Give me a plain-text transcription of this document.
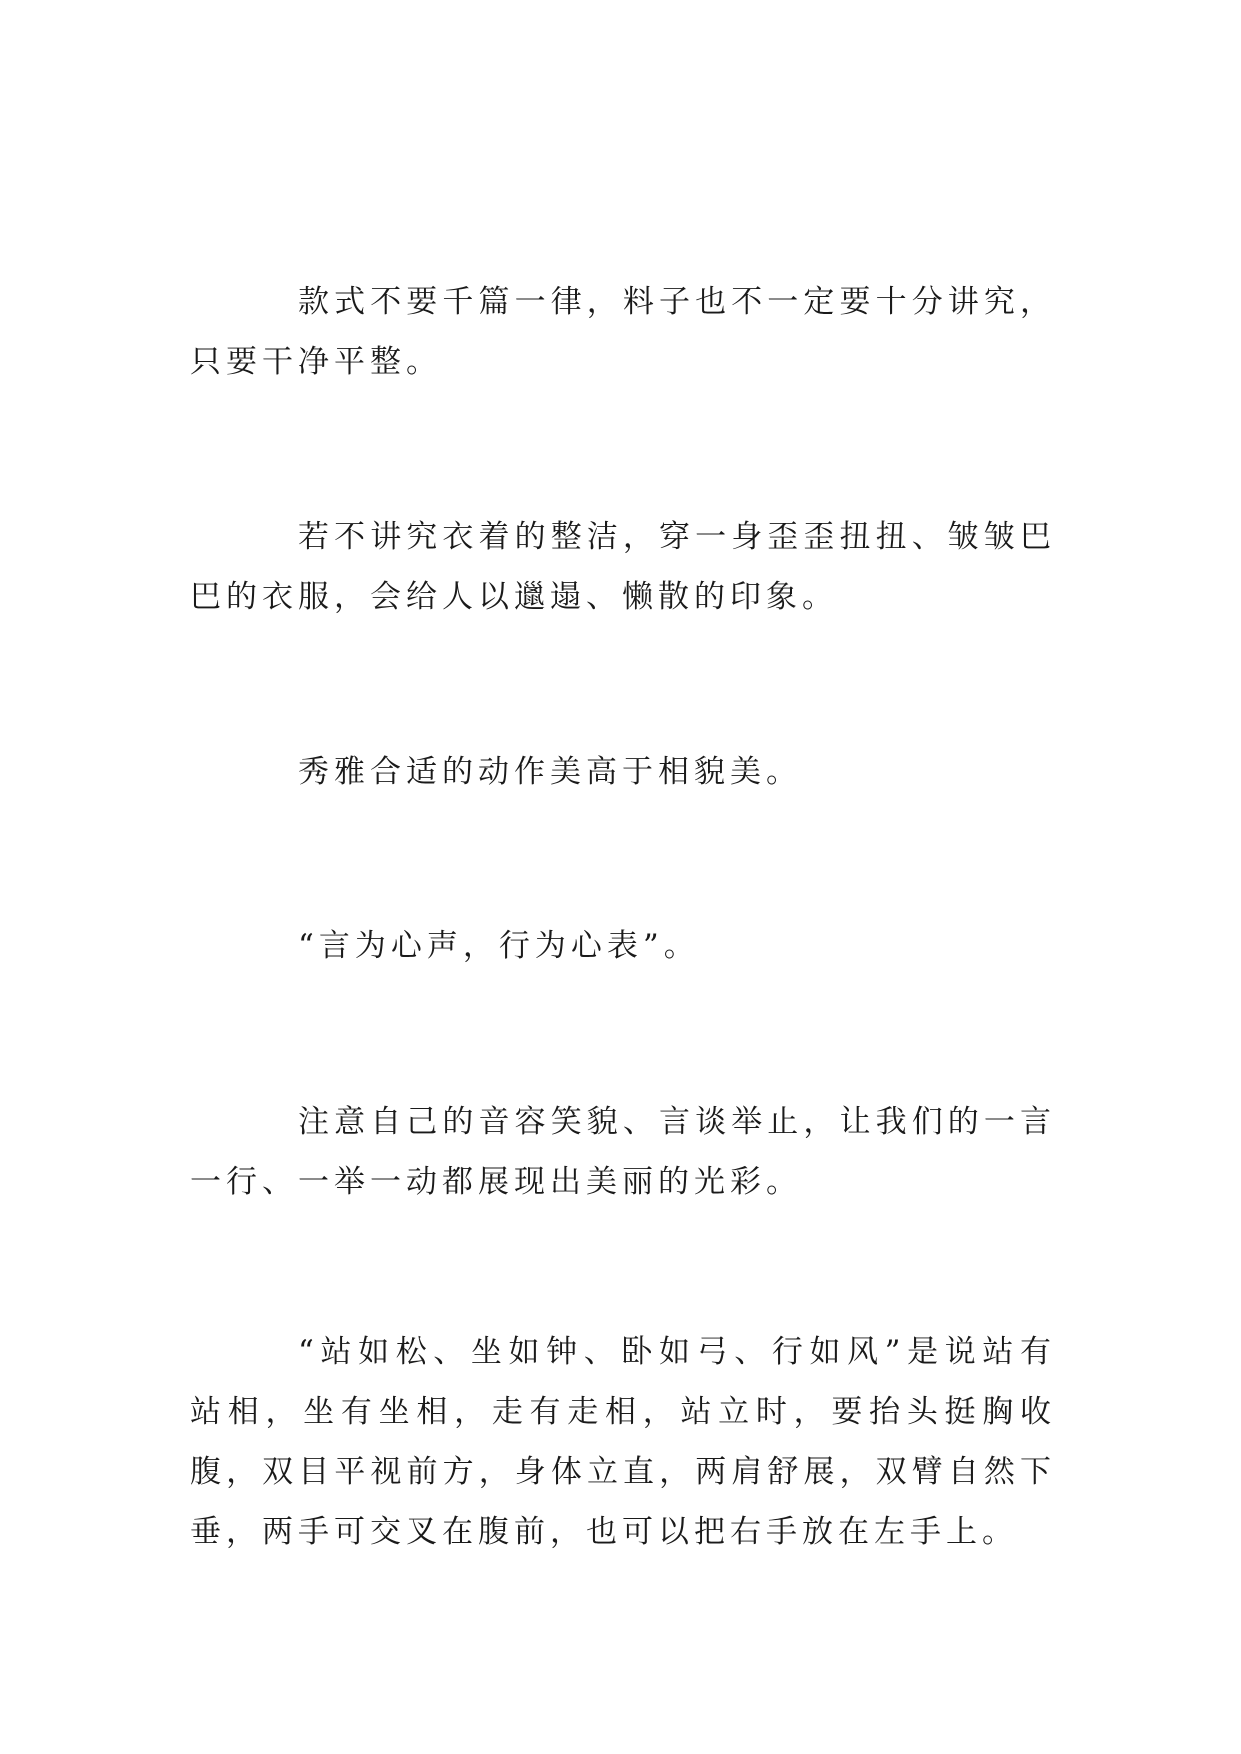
款式不要千篇一律，料子也不一定要十分讲究，只要干净平整。

若不讲究衣着的整洁，穿一身歪歪扭扭、皱皱巴巴的衣服，会给人以邋遢、懒散的印象。

秀雅合适的动作美高于相貌美。

“言为心声，行为心表”。

注意自己的音容笑貌、言谈举止，让我们的一言一行、一举一动都展现出美丽的光彩。

“站如松、坐如钟、卧如弓、行如风”是说站有站相，坐有坐相，走有走相，站立时，要抬头挺胸收腹，双目平视前方，身体立直，两肩舒展，双臂自然下垂，两手可交叉在腹前，也可以把右手放在左手上。
